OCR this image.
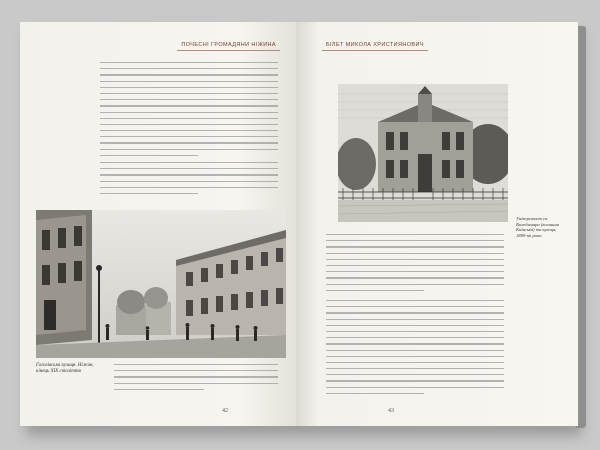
ПОЧЕСНІ ГРОМАДЯНИ НІЖИНА
Гоголівська вулиця. Ніжин, кінець ХІХ століття
42
БІЛЕТ МИКОЛА ХРИСТИЯНОВИЧ
Університет св. Володимира (колишня Київська) та вулиця, 1880-ті роки
43
